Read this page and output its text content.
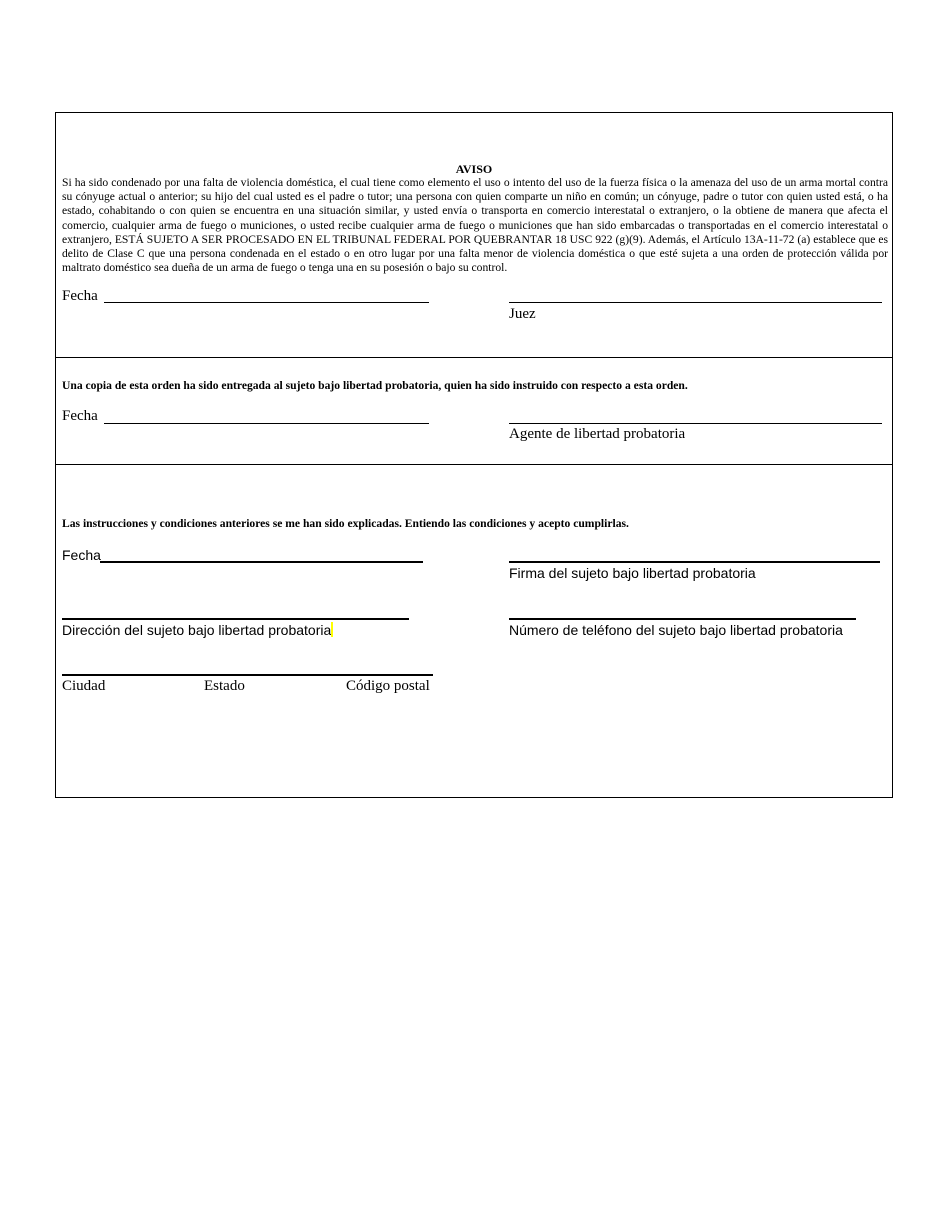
AVISO
Si ha sido condenado por una falta de violencia doméstica, el cual tiene como elemento el uso o intento del uso de la fuerza física o la amenaza del uso de un arma mortal contra su cónyuge actual o anterior; su hijo del cual usted es el padre o tutor; una persona con quien comparte un niño en común; un cónyuge, padre o tutor con quien usted está, o ha estado, cohabitando o con quien se encuentra en una situación similar, y usted envía o transporta en comercio interestatal o extranjero, o la obtiene de manera que afecta el comercio, cualquier arma de fuego o municiones, o usted recibe cualquier arma de fuego o municiones que han sido embarcadas o transportadas en el comercio interestatal o extranjero, ESTÁ SUJETO A SER PROCESADO EN EL TRIBUNAL FEDERAL POR QUEBRANTAR 18 USC 922 (g)(9). Además, el Artículo 13A-11-72 (a) establece que es delito de Clase C que una persona condenada en el estado o en otro lugar por una falta menor de violencia doméstica o que esté sujeta a una orden de protección válida por maltrato doméstico sea dueña de un arma de fuego o tenga una en su posesión o bajo su control.
Fecha
Juez
Una copia de esta orden ha sido entregada al sujeto bajo libertad probatoria, quien ha sido instruido con respecto a esta orden.
Fecha
Agente de libertad probatoria
Las instrucciones y condiciones anteriores se me han sido explicadas. Entiendo las condiciones y acepto cumplirlas.
Fecha
Firma del sujeto bajo libertad probatoria
Dirección del sujeto bajo libertad probatoria	Número de teléfono del sujeto bajo libertad probatoria
Ciudad	Estado	Código postal
